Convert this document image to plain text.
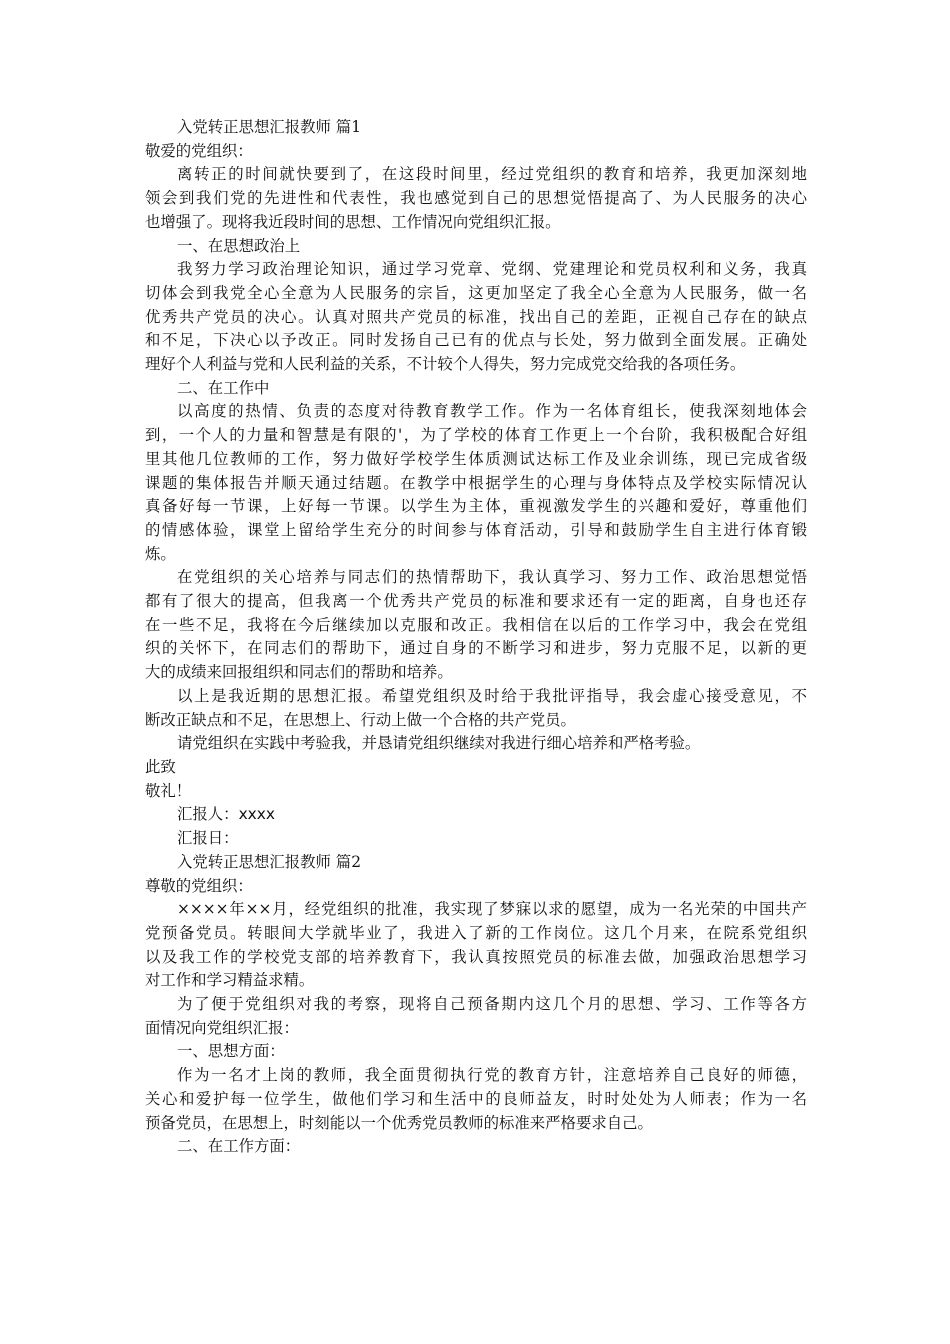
入党转正思想汇报教师 篇1

敬爱的党组织：

离转正的时间就快要到了，在这段时间里，经过党组织的教育和培养，我更加深刻地
领会到我们党的先进性和代表性，我也感觉到自己的思想觉悟提高了、为人民服务的决心
也增强了。现将我近段时间的思想、工作情况向党组织汇报。

一、在思想政治上

我努力学习政治理论知识，通过学习党章、党纲、党建理论和党员权利和义务，我真
切体会到我党全心全意为人民服务的宗旨，这更加坚定了我全心全意为人民服务，做一名
优秀共产党员的决心。认真对照共产党员的标准，找出自己的差距，正视自己存在的缺点
和不足，下决心以予改正。同时发扬自己已有的优点与长处，努力做到全面发展。正确处
理好个人利益与党和人民利益的关系，不计较个人得失，努力完成党交给我的各项任务。

二、在工作中

以高度的热情、负责的态度对待教育教学工作。作为一名体育组长，使我深刻地体会
到，一个人的力量和智慧是有限的'，为了学校的体育工作更上一个台阶，我积极配合好组
里其他几位教师的工作，努力做好学校学生体质测试达标工作及业余训练，现已完成省级
课题的集体报告并顺天通过结题。在教学中根据学生的心理与身体特点及学校实际情况认
真备好每一节课，上好每一节课。以学生为主体，重视激发学生的兴趣和爱好，尊重他们
的情感体验，课堂上留给学生充分的时间参与体育活动，引导和鼓励学生自主进行体育锻
炼。
在党组织的关心培养与同志们的热情帮助下，我认真学习、努力工作、政治思想觉悟
都有了很大的提高，但我离一个优秀共产党员的标准和要求还有一定的距离，自身也还存
在一些不足，我将在今后继续加以克服和改正。我相信在以后的工作学习中，我会在党组
织的关怀下，在同志们的帮助下，通过自身的不断学习和进步，努力克服不足，以新的更
大的成绩来回报组织和同志们的帮助和培养。
以上是我近期的思想汇报。希望党组织及时给于我批评指导，我会虚心接受意见，不
断改正缺点和不足，在思想上、行动上做一个合格的共产党员。

请党组织在实践中考验我，并恳请党组织继续对我进行细心培养和严格考验。

此致

敬礼！

汇报人：xxxx

汇报日：

入党转正思想汇报教师 篇2

尊敬的党组织：

××××年××月，经党组织的批准，我实现了梦寐以求的愿望，成为一名光荣的中国共产
党预备党员。转眼间大学就毕业了，我进入了新的工作岗位。这几个月来，在院系党组织
以及我工作的学校党支部的培养教育下，我认真按照党员的标准去做，加强政治思想学习
对工作和学习精益求精。
为了便于党组织对我的考察，现将自己预备期内这几个月的思想、学习、工作等各方
面情况向党组织汇报：

一、思想方面：

作为一名才上岗的教师，我全面贯彻执行党的教育方针，注意培养自己良好的师德，
关心和爱护每一位学生，做他们学习和生活中的良师益友，时时处处为人师表；作为一名
预备党员，在思想上，时刻能以一个优秀党员教师的标准来严格要求自己。

二、在工作方面：
